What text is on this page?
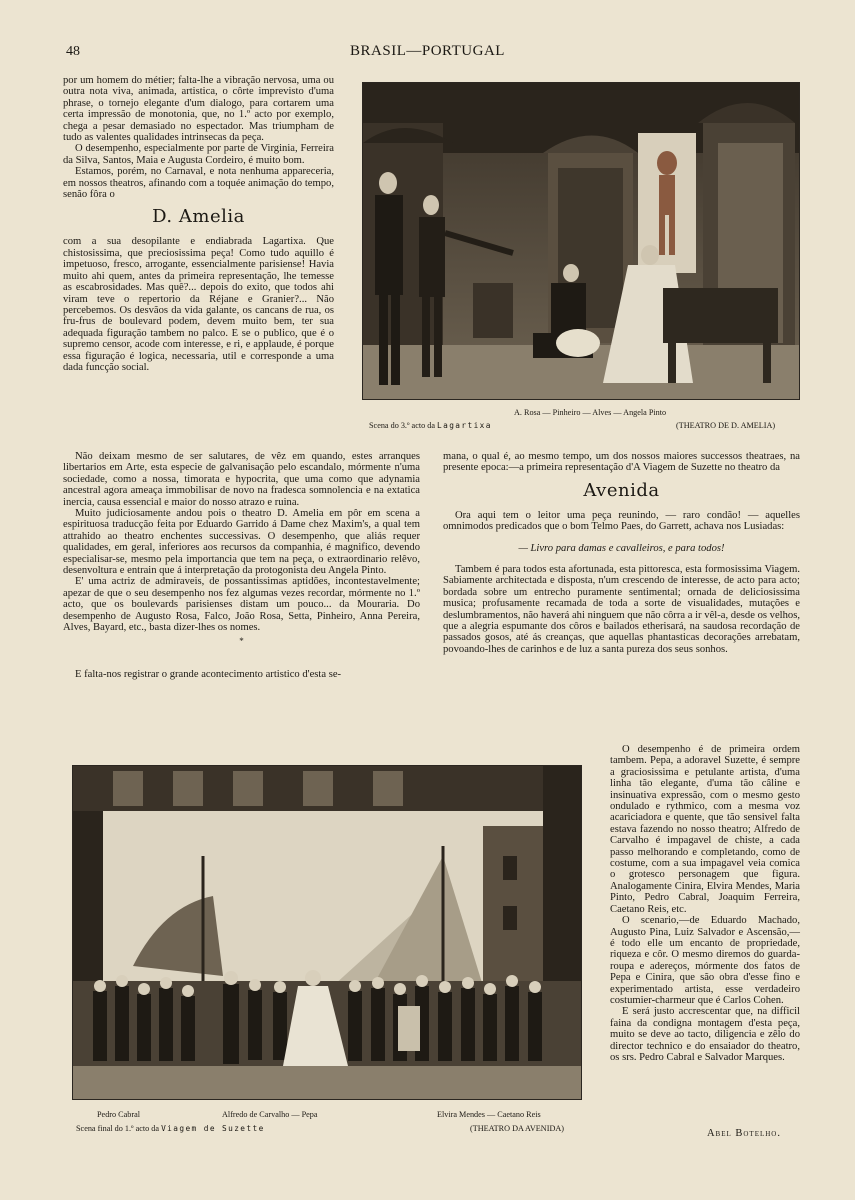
48	BRASIL—PORTUGAL

por um homem do métier; falta-lhe a vibração nervosa, uma ou outra nota viva, animada, artistica, o côrte imprevisto d'uma phrase, o tornejo elegante d'um dialogo, para cortarem uma certa impressão de monotonia, que, no 1.º acto por exemplo, chega a pesar demasiado no espectador. Mas triumpham de tudo as valentes qualidades intrinsecas da peça.

O desempenho, especialmente por parte de Virginia, Ferreira da Silva, Santos, Maia e Augusta Cordeiro, é muito bom.

Estamos, porém, no Carnaval, e nota nenhuma appareceria, em nossos theatros, afinando com a toquée animação do tempo, senão fôra o

D. Amelia

com a sua desopilante e endiabrada Lagartixa. Que chistosissima, que preciosissima peça! Como tudo aquillo é impetuoso, fresco, arrogante, essencialmente parisiense! Havia muito ahi quem, antes da primeira representação, lhe temesse as escabrosidades. Mas quê?... depois do exito, que todos ahi viram teve o repertorio da Réjane e Granier?... Não percebemos. Os desvãos da vida galante, os cancans de rua, os fru-frus de boulevard podem, devem muito bem, ter sua adequada figuração tambem no palco. E se o publico, que é o supremo censor, acode com interesse, e ri, e applaude, é porque essa figuração é logica, necessaria, util e corresponde a uma dada funcção social.

Não deixam mesmo de ser salutares, de vêz em quando, estes arranques libertarios em Arte, esta especie de galvanisação pelo escandalo, mórmente n'uma sociedade, como a nossa, timorata e hypocrita, que uma como que adynamia ancestral agora ameaça immobilisar de novo na fradesca somnolencia e na extatica inercia, causa essencial e maior do nosso atrazo e ruina.

Muito judiciosamente andou pois o theatro D. Amelia em pôr em scena a espirituosa traducção feita por Eduardo Garrido á Dame chez Maxim's, a qual tem attrahido ao theatro enchentes successivas. O desempenho, que aliás requer qualidades, em geral, inferiores aos recursos da companhia, é magnifico, devendo especialisar-se, mesmo pela importancia que tem na peça, o extraordinario relêvo, desenvoltura e entrain que á interpretação da protogonista deu Angela Pinto.

E' uma actriz de admiraveis, de possantissimas aptidões, incontestavelmente; apezar de que o seu desempenho nos fez algumas vezes recordar, mórmente no 1.º acto, que os boulevards parisienses distam um pouco... da Mouraria. Do desempenho de Augusto Rosa, Falco, João Rosa, Setta, Pinheiro, Anna Pereira, Alves, Bayard, etc., basta dizer-lhes os nomes.

*

E falta-nos registrar o grande acontecimento artistico d'esta se-

mana, o qual é, ao mesmo tempo, um dos nossos maiores successos theatraes, na presente epoca:—a primeira representação d'A Viagem de Suzette no theatro da

Avenida

Ora aqui tem o leitor uma peça reunindo, — raro condão! — aquelles omnimodos predicados que o bom Telmo Paes, do Garrett, achava nos Lusiadas:

— Livro para damas e cavalleiros, e para todos!

Tambem é para todos esta afortunada, esta pittoresca, esta formosissima Viagem. Sabiamente architectada e disposta, n'um crescendo de interesse, de acto para acto; bordada sobre um entrecho puramente sentimental; ornada de deliciosissima musica; profusamente recamada de toda a sorte de visualidades, mutações e deslumbramentos, não haverá ahi ninguem que não côrra a ir vêl-a, desde os velhos, que a alegria espumante dos côros e bailados etherisará, na saudosa recordação de passados gosos, até ás creanças, que aquellas phantasticas decorações arrebatam, povoando-lhes de carinhos e de luz a santa pureza dos seus sonhos.

O desempenho é de primeira ordem tambem. Pepa, a adoravel Suzette, é sempre a graciosissima e petulante artista, d'uma linha tão elegante, d'uma tão câline e insinuativa expressão, com o mesmo gesto ondulado e rythmico, com a mesma voz acariciadora e quente, que tão sensivel falta estava fazendo no nosso theatro; Alfredo de Carvalho é impagavel de chiste, a cada passo melhorando e completando, como de costume, com a sua impagavel veia comica o grotesco personagem que figura. Analogamente Cinira, Elvira Mendes, Maria Pinto, Pedro Cabral, Joaquim Ferreira, Caetano Reis, etc.

O scenario,—de Eduardo Machado, Augusto Pina, Luiz Salvador e Ascensão,—é todo elle um encanto de propriedade, riqueza e côr. O mesmo diremos do guarda-roupa e adereços, mórmente dos fatos de Pepa e Cinira, que são obra d'esse fino e experimentado artista, esse verdadeiro costumier-charmeur que é Carlos Cohen.

E será justo accrescentar que, na difficil faina da condigna montagem d'esta peça, muito se deve ao tacto, diligencia e zêlo do director technico e do ensaiador do theatro, os srs. Pedro Cabral e Salvador Marques.

Abel Botelho.
A. Rosa — Pinheiro — Alves — Angela Pinto
Scena do 3.º acto da Lagartixa	(THEATRO DE D. AMELIA)
Pedro Cabral	Alfredo de Carvalho — Pepa	Elvira Mendes — Caetano Reis
Scena final do 1.º acto da Viagem de Suzette	(THEATRO DA AVENIDA)
